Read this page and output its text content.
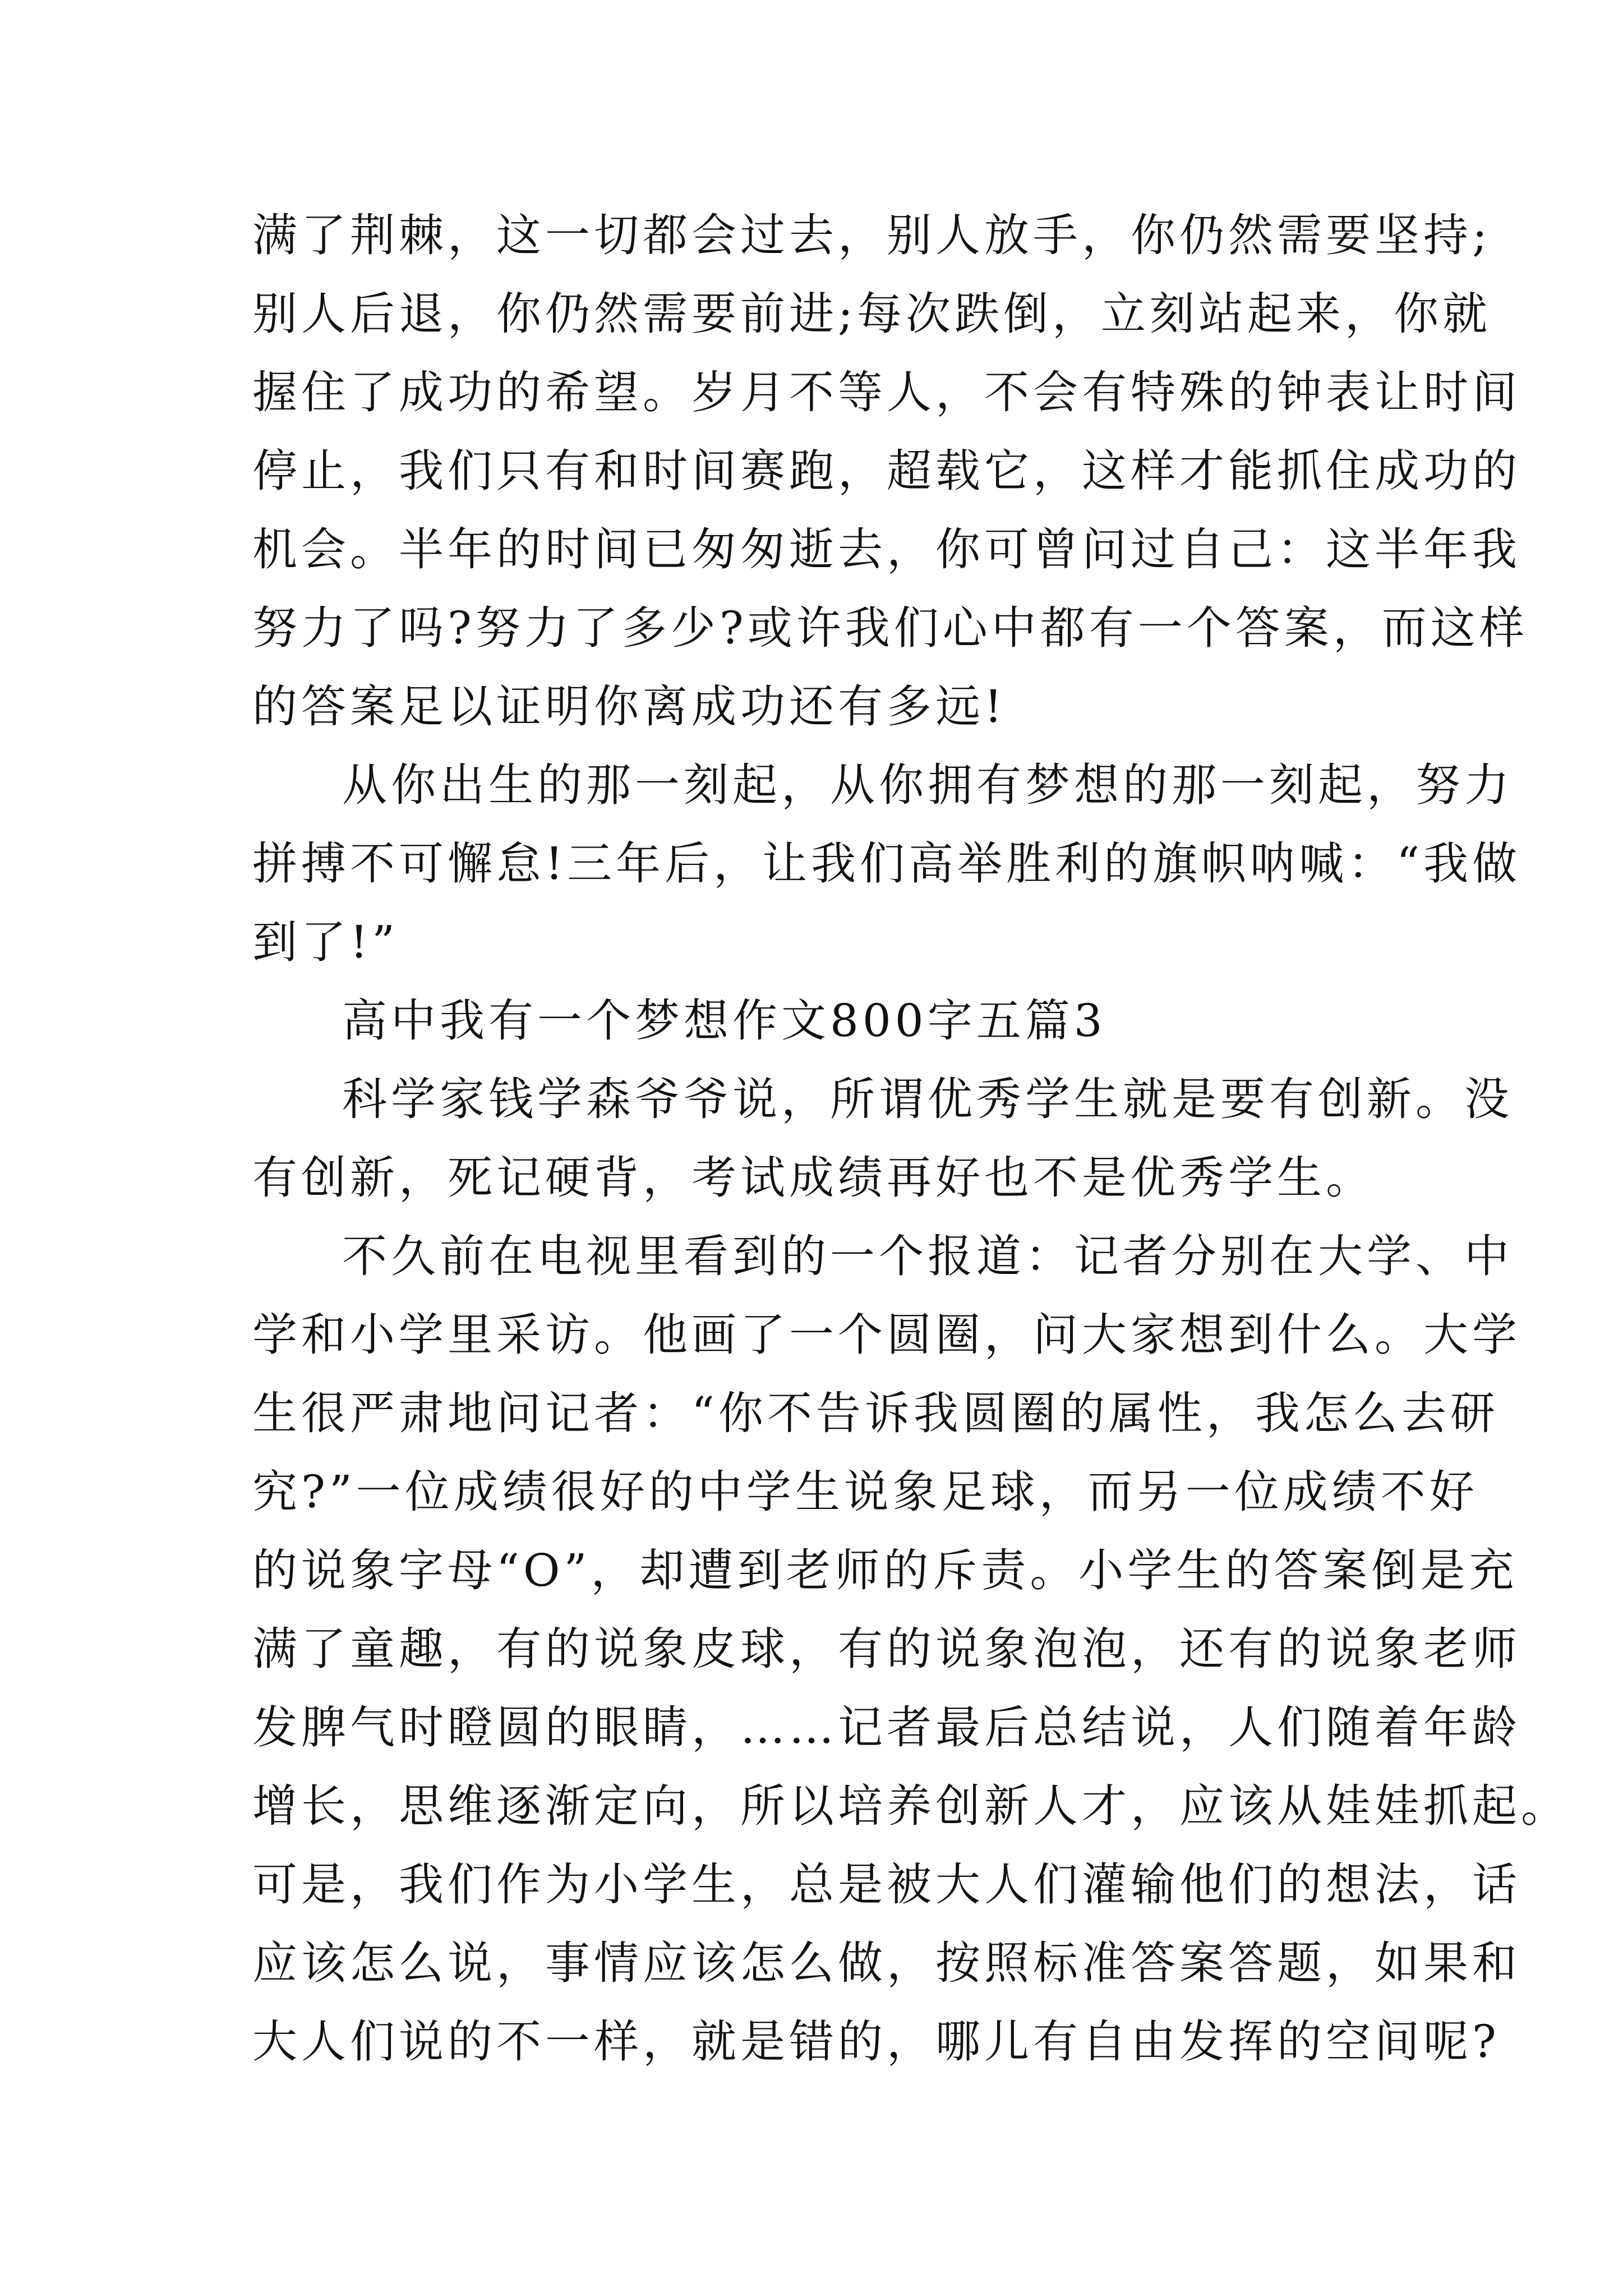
满了荆棘，这一切都会过去，别人放手，你仍然需要坚持;
别人后退，你仍然需要前进;每次跌倒，立刻站起来，你就
握住了成功的希望。岁月不等人，不会有特殊的钟表让时间
停止，我们只有和时间赛跑，超载它，这样才能抓住成功的
机会。半年的时间已匆匆逝去，你可曾问过自己：这半年我
努力了吗?努力了多少?或许我们心中都有一个答案，而这样
的答案足以证明你离成功还有多远!

从你出生的那一刻起，从你拥有梦想的那一刻起，努力
拼搏不可懈怠!三年后，让我们高举胜利的旗帜呐喊：“我做
到了!”

高中我有一个梦想作文800字五篇3

科学家钱学森爷爷说，所谓优秀学生就是要有创新。没
有创新，死记硬背，考试成绩再好也不是优秀学生。

不久前在电视里看到的一个报道：记者分别在大学、中
学和小学里采访。他画了一个圆圈，问大家想到什么。大学
生很严肃地问记者：“你不告诉我圆圈的属性，我怎么去研
究?”一位成绩很好的中学生说象足球，而另一位成绩不好
的说象字母“O”，却遭到老师的斥责。小学生的答案倒是充
满了童趣，有的说象皮球，有的说象泡泡，还有的说象老师
发脾气时瞪圆的眼睛，……记者最后总结说，人们随着年龄
增长，思维逐渐定向，所以培养创新人才，应该从娃娃抓起。
可是，我们作为小学生，总是被大人们灌输他们的想法，话
应该怎么说，事情应该怎么做，按照标准答案答题，如果和
大人们说的不一样，就是错的，哪儿有自由发挥的空间呢?
